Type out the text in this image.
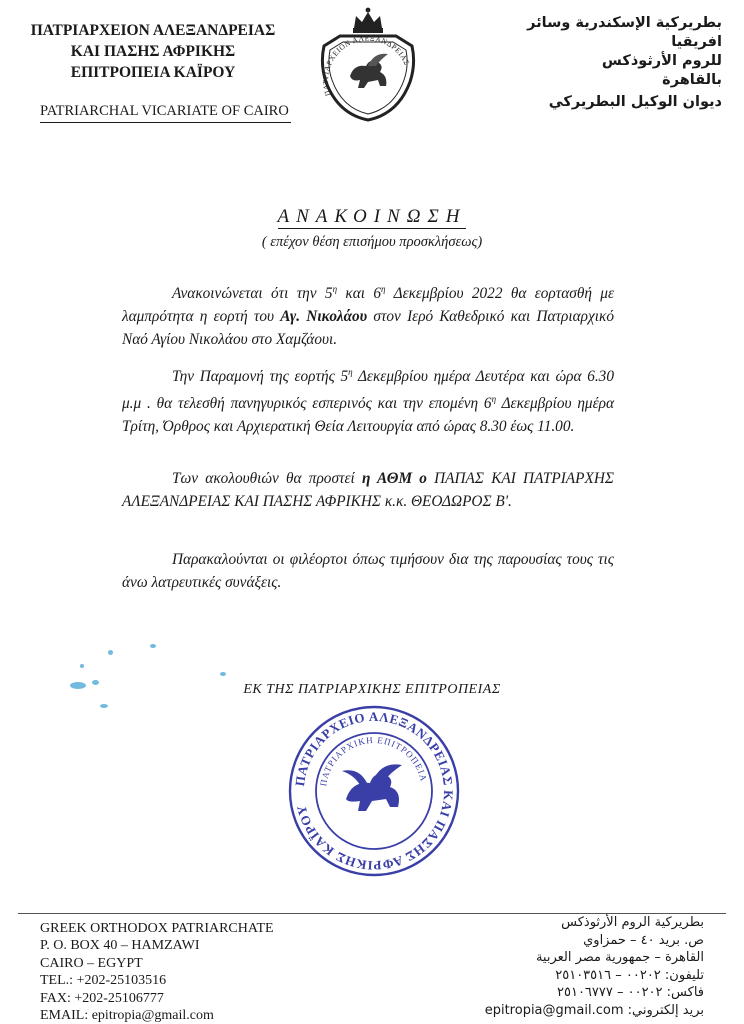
ΠΑΤΡΙΑΡΧΕΙΟΝ ΑΛΕΞΑΝΔΡΕΙΑΣ
ΚΑΙ ΠΑΣΗΣ ΑΦΡΙΚΗΣ
ΕΠΙΤΡΟΠΕΙΑ ΚΑΪΡΟΥ
PATRIARCHAL VICARIATE OF CAIRO
ΠΑΤΡΙΑΡΧΕΙΟΝ ΑΛΕΞΑΝΔΡΕΙΑΣ
بطريركية الإسكندرية وسائر افريقيا
للروم الأرثوذكس
بالقاهرة
ديوان الوكيل البطريركي
ΑΝΑΚΟΙΝΩΣΗ
( επέχον θέση επισήμου προσκλήσεως)

Ανακοινώνεται ότι την $5^\eta$ και $6^\eta$ Δεκεμβρίου 2022 θα εορτασθή με λαμπρότητα η εορτή του Αγ. Νικολάου στον Ιερό Καθεδρικό και Πατριαρχικό Ναό Αγίου Νικολάου στο Χαμζάουι.

Την Παραμονή της εορτής $5^\eta$ Δεκεμβρίου ημέρα Δευτέρα και ώρα 6.30 μ.μ . θα τελεσθή πανηγυρικός εσπερινός και την επομένη $6^\eta$ Δεκεμβρίου ημέρα Τρίτη, Όρθρος και Αρχιερατική Θεία Λειτουργία από ώρας 8.30 έως 11.00.

Των ακολουθιών θα προστεί η ΑΘΜ ο ΠΑΠΑΣ ΚΑΙ ΠΑΤΡΙΑΡΧΗΣ ΑΛΕΞΑΝΔΡΕΙΑΣ ΚΑΙ ΠΑΣΗΣ ΑΦΡΙΚΗΣ κ.κ. ΘΕΟΔΩΡΟΣ Β'.

Παρακαλούνται οι φιλέορτοι όπως τιμήσουν δια της παρουσίας τους τις άνω λατρευτικές συνάξεις.

ΕΚ ΤΗΣ ΠΑΤΡΙΑΡΧΙΚΗΣ ΕΠΙΤΡΟΠΕΙΑΣ
ΠΑΤΡΙΑΡΧΕΙΟ ΑΛΕΞΑΝΔΡΕΙΑΣ ΚΑΙ ΠΑΣΗΣ ΑΦΡΙΚΗΣ ΚΑΪΡΟΥ
ΠΑΤΡΙΑΡΧΙΚΗ ΕΠΙΤΡΟΠΕΙΑ
GREEK ORTHODOX PATRIARCHATE
P. O. BOX 40 – HAMZAWI
CAIRO – EGYPT
TEL.: +202-25103516
FAX: +202-25106777
EMAIL: epitropia@gmail.com
بطريركية الروم الأرثوذكس
ص. بريد ٤٠ – حمزاوي
القاهرة – جمهورية مصر العربية
تليفون: ٠٠٢٠٢ – ٢٥١٠٣٥١٦
فاكس: ٠٠٢٠٢ – ٢٥١٠٦٧٧٧
بريد إلكتروني: epitropia@gmail.com
